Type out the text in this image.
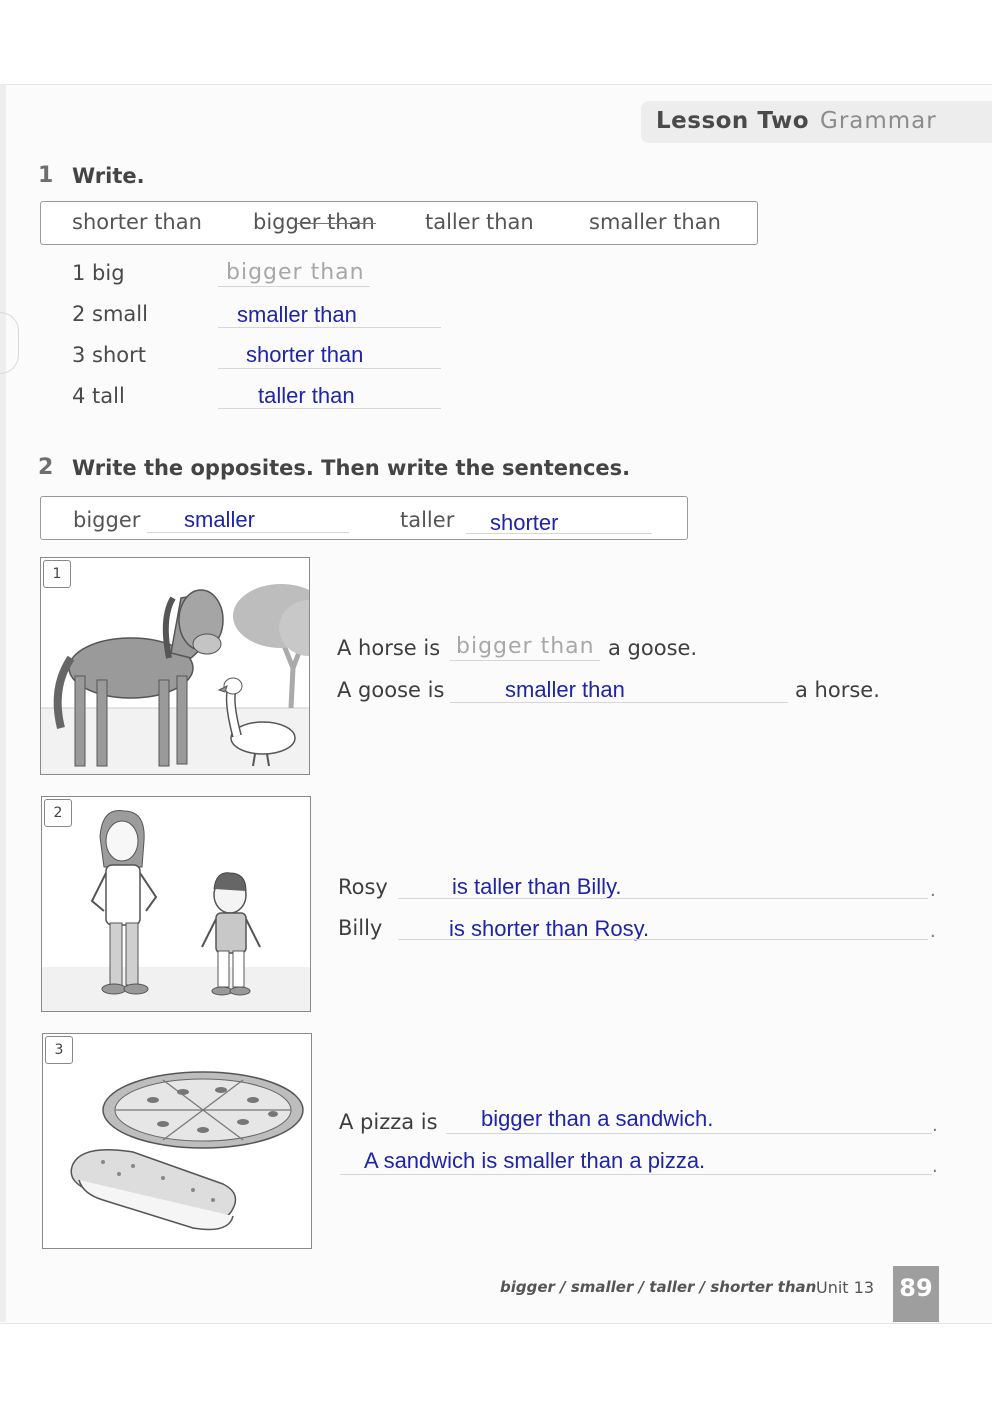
Lesson Two Grammar
1 Write.
shorter than bigger than taller than	smaller than
1 big	bigger than
2 small	smaller than
3 short	shorter than
4 tall	taller than
2 Write the opposites. Then write the sentences.
bigger smaller	taller shorter
1
A horse is bigger than a goose.
A goose is	smaller than	a horse.
2
Rosy	is taller than Billy.	.
Billy	is shorter than Rosy.	.
3
A pizza is bigger than a sandwich.	.
A sandwich is smaller than a pizza.	.
bigger / smaller / taller / shorter than Unit 13 89
